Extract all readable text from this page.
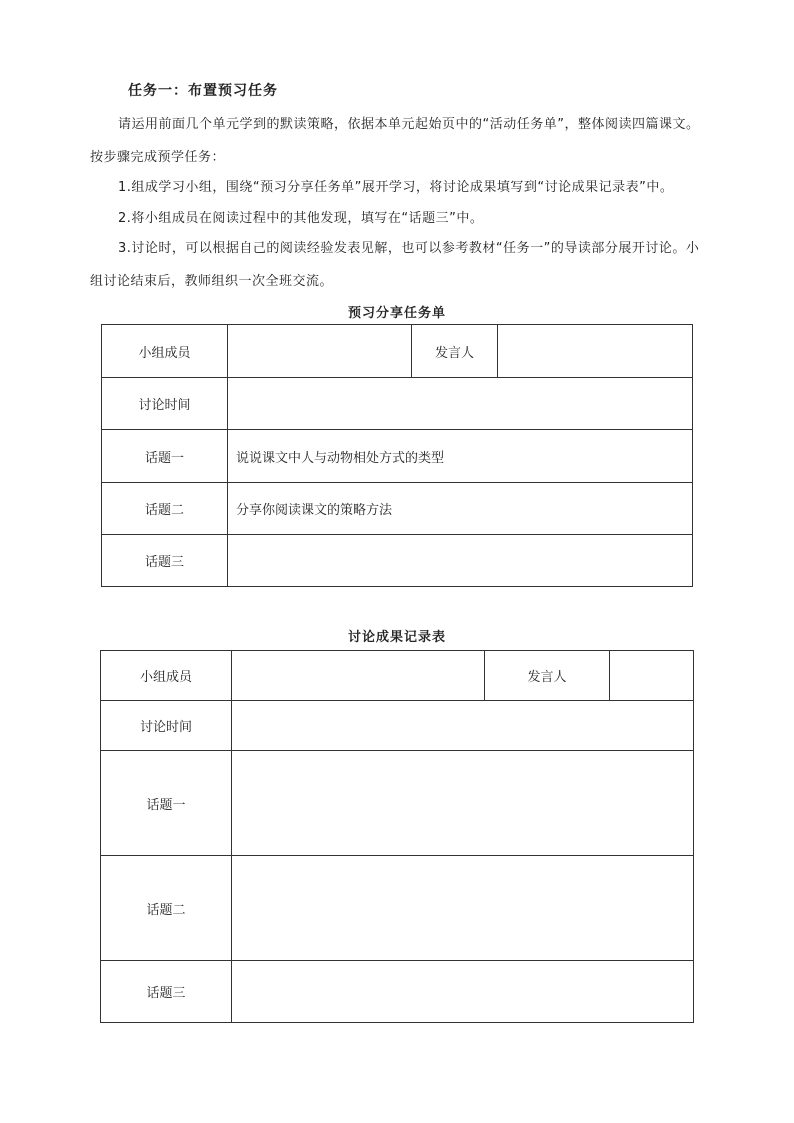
任务一：布置预习任务
请运用前面几个单元学到的默读策略，依据本单元起始页中的“活动任务单”，整体阅读四篇课文。按步骤完成预学任务：
1.组成学习小组，围绕“预习分享任务单”展开学习，将讨论成果填写到“讨论成果记录表”中。
2.将小组成员在阅读过程中的其他发现，填写在“话题三”中。
3.讨论时，可以根据自己的阅读经验发表见解，也可以参考教材“任务一”的导读部分展开讨论。小组讨论结束后，教师组织一次全班交流。
预习分享任务单
小组成员		发言人	
讨论时间			
话题一	说说课文中人与动物相处方式的类型		
话题二	分享你阅读课文的策略方法		
话题三			
讨论成果记录表
小组成员		发言人	
讨论时间			
话题一			
话题二			
话题三			
